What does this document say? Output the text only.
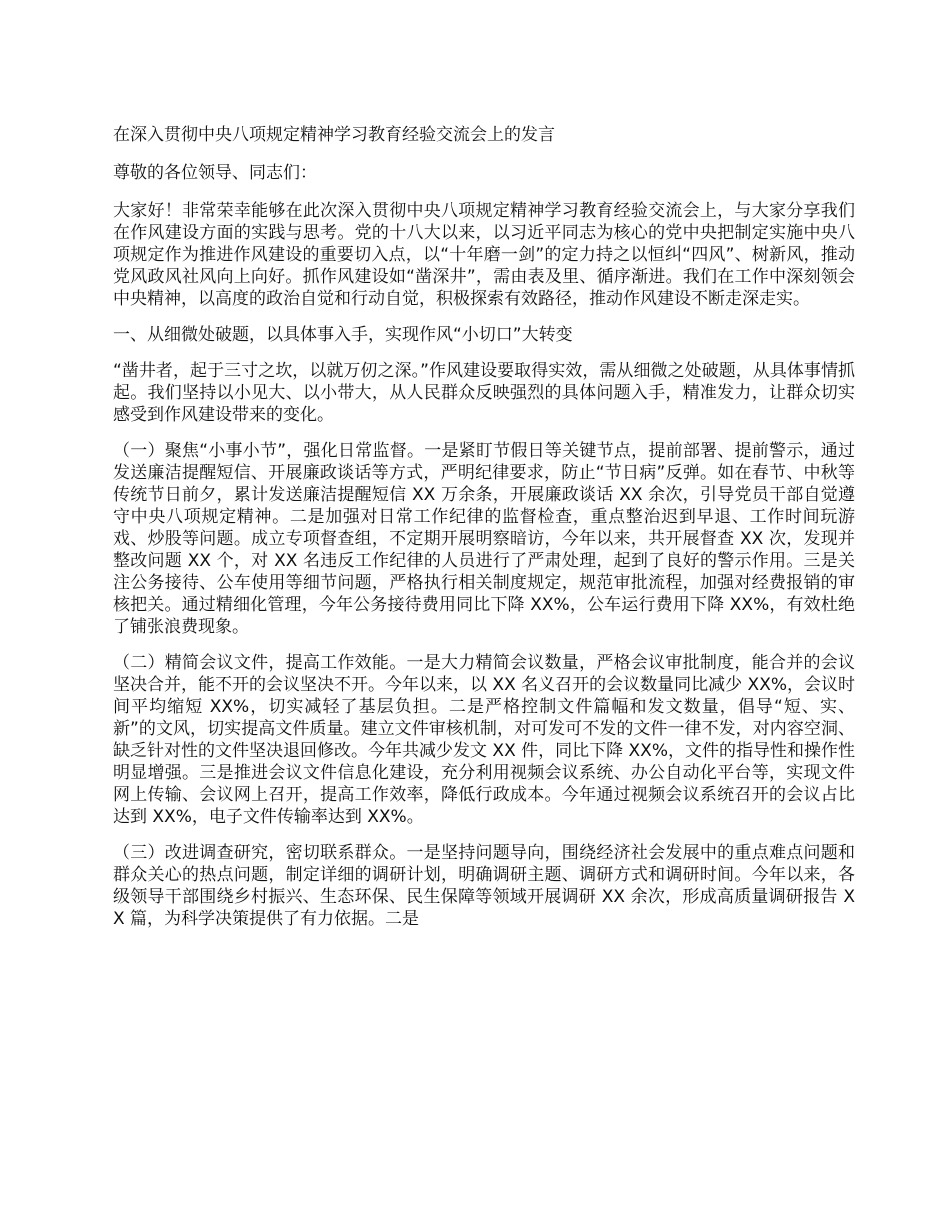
在深入贯彻中央八项规定精神学习教育经验交流会上的发言
尊敬的各位领导、同志们：
大家好！非常荣幸能够在此次深入贯彻中央八项规定精神学习教育经验交流会上，与大家分享我们在作风建设方面的实践与思考。党的十八大以来，以习近平同志为核心的党中央把制定实施中央八项规定作为推进作风建设的重要切入点，以“十年磨一剑”的定力持之以恒纠“四风”、树新风，推动党风政风社风向上向好。抓作风建设如“凿深井”，需由表及里、循序渐进。我们在工作中深刻领会中央精神，以高度的政治自觉和行动自觉，积极探索有效路径，推动作风建设不断走深走实。
一、从细微处破题，以具体事入手，实现作风“小切口”大转变
“凿井者，起于三寸之坎，以就万仞之深。”作风建设要取得实效，需从细微之处破题，从具体事情抓起。我们坚持以小见大、以小带大，从人民群众反映强烈的具体问题入手，精准发力，让群众切实感受到作风建设带来的变化。
（一）聚焦“小事小节”，强化日常监督。一是紧盯节假日等关键节点，提前部署、提前警示，通过发送廉洁提醒短信、开展廉政谈话等方式，严明纪律要求，防止“节日病”反弹。如在春节、中秋等传统节日前夕，累计发送廉洁提醒短信 XX 万余条，开展廉政谈话 XX 余次，引导党员干部自觉遵守中央八项规定精神。二是加强对日常工作纪律的监督检查，重点整治迟到早退、工作时间玩游戏、炒股等问题。成立专项督查组，不定期开展明察暗访，今年以来，共开展督查 XX 次，发现并整改问题 XX 个，对 XX 名违反工作纪律的人员进行了严肃处理，起到了良好的警示作用。三是关注公务接待、公车使用等细节问题，严格执行相关制度规定，规范审批流程，加强对经费报销的审核把关。通过精细化管理，今年公务接待费用同比下降 XX%，公车运行费用下降 XX%，有效杜绝了铺张浪费现象。
（二）精简会议文件，提高工作效能。一是大力精简会议数量，严格会议审批制度，能合并的会议坚决合并，能不开的会议坚决不开。今年以来，以 XX 名义召开的会议数量同比减少 XX%，会议时间平均缩短 XX%，切实减轻了基层负担。二是严格控制文件篇幅和发文数量，倡导“短、实、新”的文风，切实提高文件质量。建立文件审核机制，对可发可不发的文件一律不发，对内容空洞、缺乏针对性的文件坚决退回修改。今年共减少发文 XX 件，同比下降 XX%，文件的指导性和操作性明显增强。三是推进会议文件信息化建设，充分利用视频会议系统、办公自动化平台等，实现文件网上传输、会议网上召开，提高工作效率，降低行政成本。今年通过视频会议系统召开的会议占比达到 XX%，电子文件传输率达到 XX%。
（三）改进调查研究，密切联系群众。一是坚持问题导向，围绕经济社会发展中的重点难点问题和群众关心的热点问题，制定详细的调研计划，明确调研主题、调研方式和调研时间。今年以来，各级领导干部围绕乡村振兴、生态环保、民生保障等领域开展调研 XX 余次，形成高质量调研报告 XX 篇，为科学决策提供了有力依据。二是
